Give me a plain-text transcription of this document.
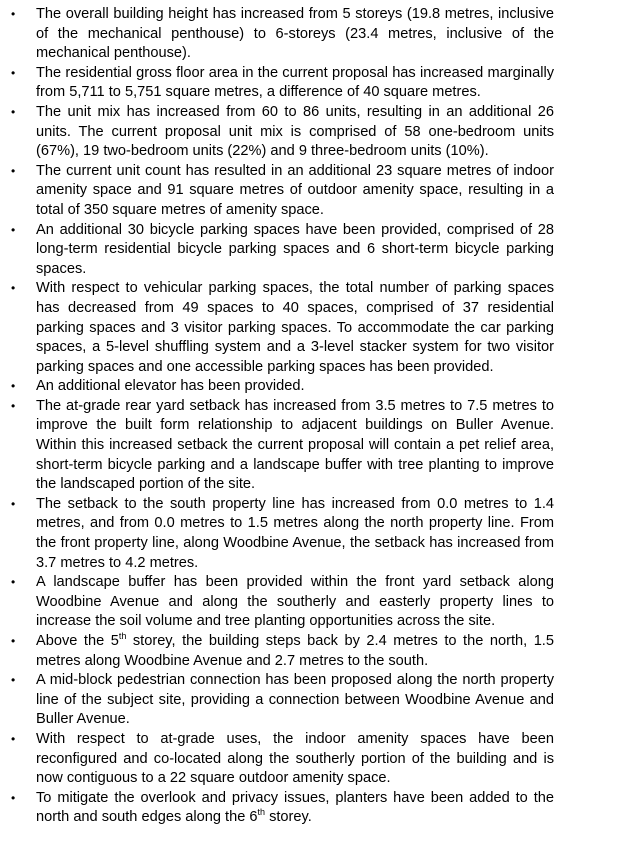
• The overall building height has increased from 5 storeys (19.8 metres, inclusive of the mechanical penthouse) to 6-storeys (23.4 metres, inclusive of the mechanical penthouse).
• The residential gross floor area in the current proposal has increased marginally from 5,711 to 5,751 square metres, a difference of 40 square metres.
• The unit mix has increased from 60 to 86 units, resulting in an additional 26 units. The current proposal unit mix is comprised of 58 one-bedroom units (67%), 19 two-bedroom units (22%) and 9 three-bedroom units (10%).
• The current unit count has resulted in an additional 23 square metres of indoor amenity space and 91 square metres of outdoor amenity space, resulting in a total of 350 square metres of amenity space.
• An additional 30 bicycle parking spaces have been provided, comprised of 28 long-term residential bicycle parking spaces and 6 short-term bicycle parking spaces.
• With respect to vehicular parking spaces, the total number of parking spaces has decreased from 49 spaces to 40 spaces, comprised of 37 residential parking spaces and 3 visitor parking spaces. To accommodate the car parking spaces, a 5-level shuffling system and a 3-level stacker system for two visitor parking spaces and one accessible parking spaces has been provided.
• An additional elevator has been provided.
• The at-grade rear yard setback has increased from 3.5 metres to 7.5 metres to improve the built form relationship to adjacent buildings on Buller Avenue. Within this increased setback the current proposal will contain a pet relief area, short-term bicycle parking and a landscape buffer with tree planting to improve the landscaped portion of the site.
• The setback to the south property line has increased from 0.0 metres to 1.4 metres, and from 0.0 metres to 1.5 metres along the north property line. From the front property line, along Woodbine Avenue, the setback has increased from 3.7 metres to 4.2 metres.
• A landscape buffer has been provided within the front yard setback along Woodbine Avenue and along the southerly and easterly property lines to increase the soil volume and tree planting opportunities across the site.
• Above the 5th storey, the building steps back by 2.4 metres to the north, 1.5 metres along Woodbine Avenue and 2.7 metres to the south.
• A mid-block pedestrian connection has been proposed along the north property line of the subject site, providing a connection between Woodbine Avenue and Buller Avenue.
• With respect to at-grade uses, the indoor amenity spaces have been reconfigured and co-located along the southerly portion of the building and is now contiguous to a 22 square outdoor amenity space.
• To mitigate the overlook and privacy issues, planters have been added to the north and south edges along the 6th storey.
